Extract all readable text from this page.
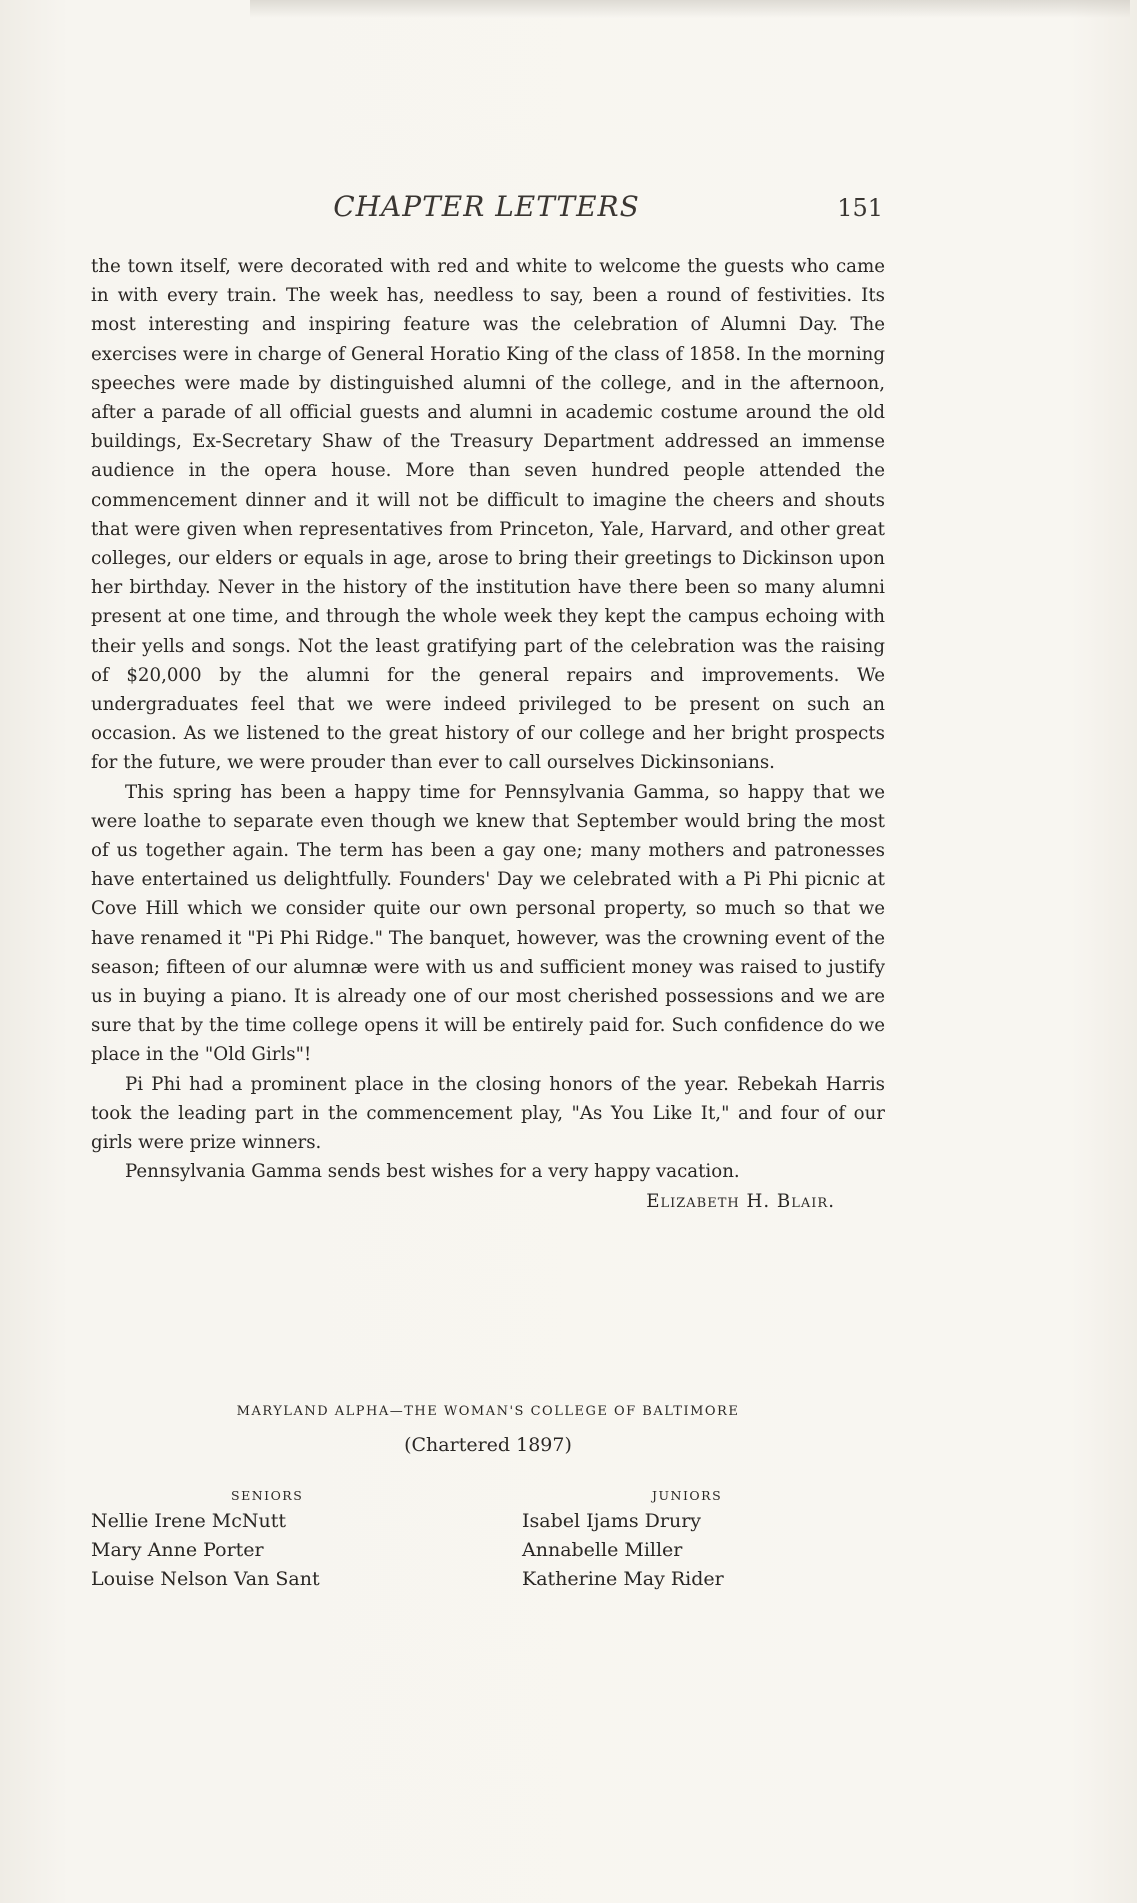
CHAPTER LETTERS	151

the town itself, were decorated with red and white to welcome the guests who came in with every train. The week has, needless to say, been a round of festivities. Its most interesting and inspiring feature was the celebration of Alumni Day. The exercises were in charge of General Horatio King of the class of 1858. In the morning speeches were made by distinguished alumni of the college, and in the afternoon, after a parade of all official guests and alumni in academic costume around the old buildings, Ex-Secretary Shaw of the Treasury Department addressed an immense audience in the opera house. More than seven hundred people attended the commencement dinner and it will not be difficult to imagine the cheers and shouts that were given when representatives from Princeton, Yale, Harvard, and other great colleges, our elders or equals in age, arose to bring their greetings to Dickinson upon her birthday. Never in the history of the institution have there been so many alumni present at one time, and through the whole week they kept the campus echoing with their yells and songs. Not the least gratifying part of the celebration was the raising of $20,000 by the alumni for the general repairs and improvements. We undergraduates feel that we were indeed privileged to be present on such an occasion. As we listened to the great history of our college and her bright prospects for the future, we were prouder than ever to call ourselves Dickinsonians.

This spring has been a happy time for Pennsylvania Gamma, so happy that we were loathe to separate even though we knew that September would bring the most of us together again. The term has been a gay one; many mothers and patronesses have entertained us delightfully. Founders' Day we celebrated with a Pi Phi picnic at Cove Hill which we consider quite our own personal property, so much so that we have renamed it "Pi Phi Ridge." The banquet, however, was the crowning event of the season; fifteen of our alumnæ were with us and sufficient money was raised to justify us in buying a piano. It is already one of our most cherished possessions and we are sure that by the time college opens it will be entirely paid for. Such confidence do we place in the "Old Girls"!

Pi Phi had a prominent place in the closing honors of the year. Rebekah Harris took the leading part in the commencement play, "As You Like It," and four of our girls were prize winners.

Pennsylvania Gamma sends best wishes for a very happy vacation.

Elizabeth H. Blair.

MARYLAND ALPHA—THE WOMAN'S COLLEGE OF BALTIMORE
(Chartered 1897)
SENIORS
Nellie Irene McNutt
Mary Anne Porter
Louise Nelson Van Sant
JUNIORS
Isabel Ijams Drury
Annabelle Miller
Katherine May Rider
